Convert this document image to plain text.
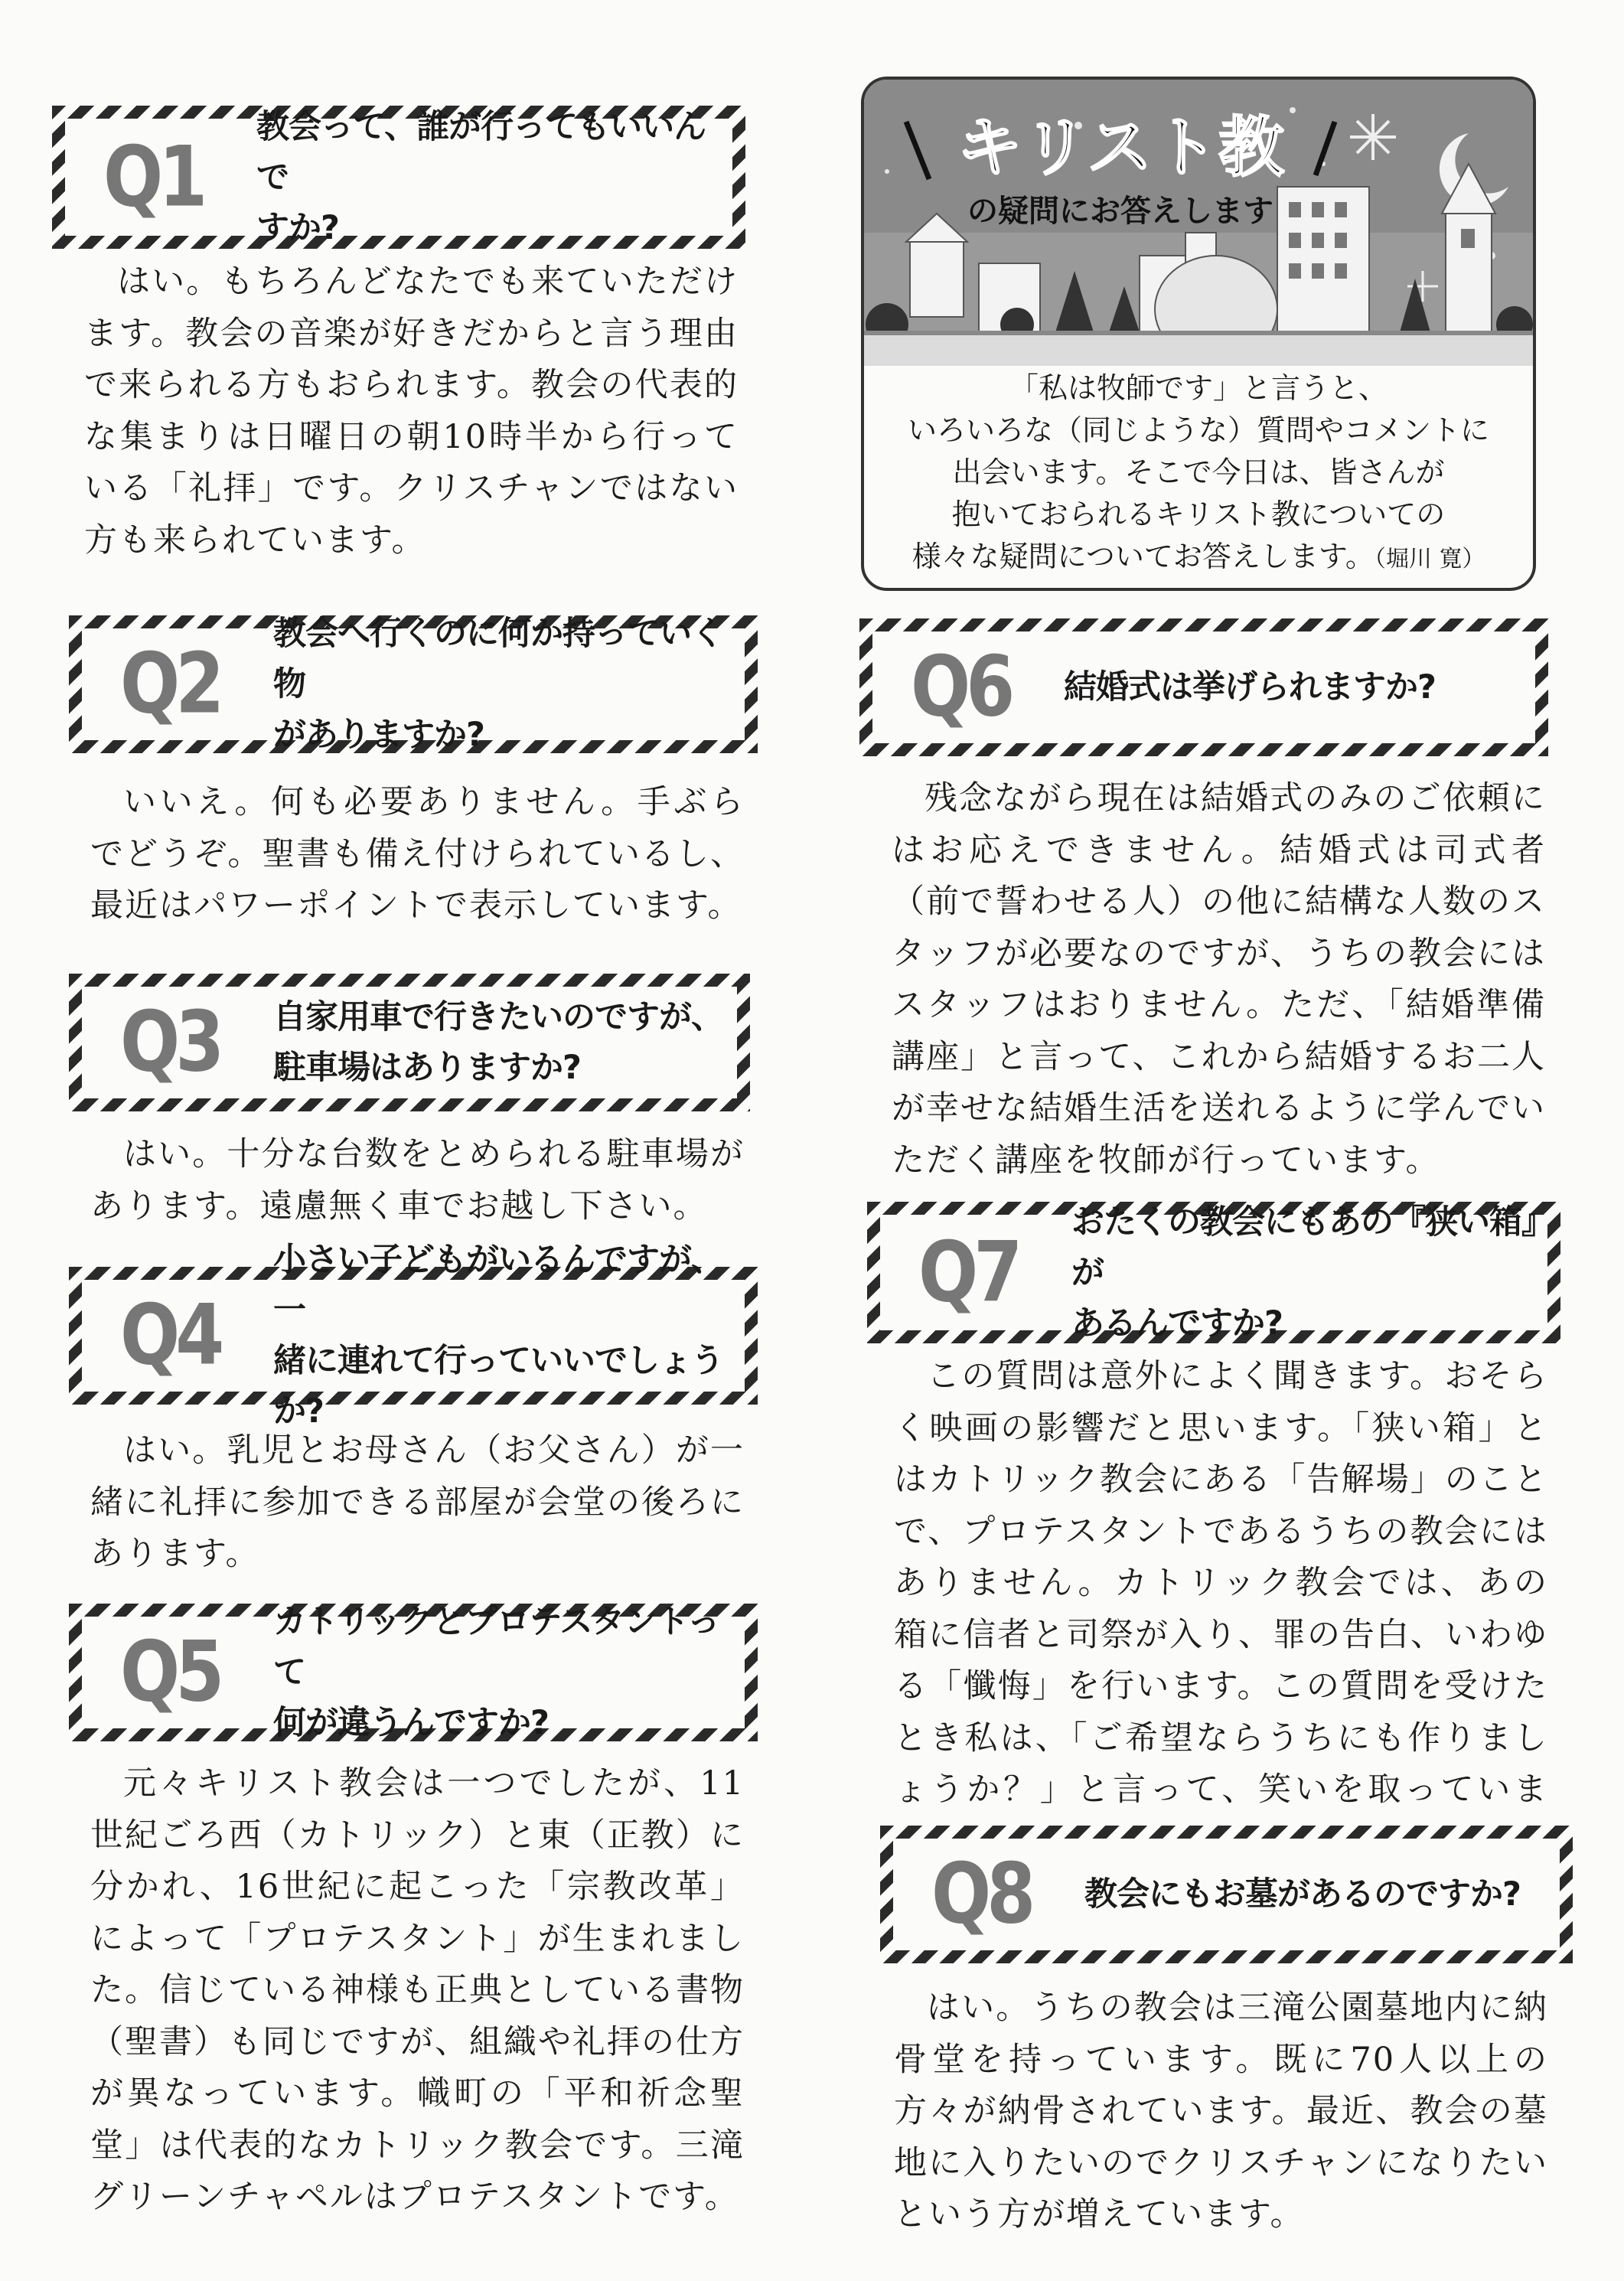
キリスト教
の疑問にお答えします
「私は牧師です」と言うと、
いろいろな（同じような）質問やコメントに
出会います。そこで今日は、皆さんが
抱いておられるキリスト教についての
様々な疑問についてお答えします。（堀川 寛）
Q1
教会って、誰が行ってもいいんで
すか?

はい。もちろんどなたでも来ていただけます。教会の音楽が好きだからと言う理由で来られる方もおられます。教会の代表的な集まりは日曜日の朝10時半から行っている「礼拝」です。クリスチャンではない方も来られています。

Q2
教会へ行くのに何か持っていく物
がありますか?

いいえ。何も必要ありません。手ぶらでどうぞ。聖書も備え付けられているし、最近はパワーポイントで表示しています。

Q3	自家用車で行きたいのですが、
駐車場はありますか?

はい。十分な台数をとめられる駐車場があります。遠慮無く車でお越し下さい。

Q4
小さい子どもがいるんですが、一
緒に連れて行っていいでしょうか?

はい。乳児とお母さん（お父さん）が一緒に礼拝に参加できる部屋が会堂の後ろにあります。

Q5
カトリックとプロテスタントって
何が違うんですか?

元々キリスト教会は一つでしたが、11世紀ごろ西（カトリック）と東（正教）に分かれ、16世紀に起こった「宗教改革」によって「プロテスタント」が生まれました。信じている神様も正典としている書物（聖書）も同じですが、組織や礼拝の仕方が異なっています。幟町の「平和祈念聖堂」は代表的なカトリック教会です。三滝グリーンチャペルはプロテスタントです。

Q6	結婚式は挙げられますか?

残念ながら現在は結婚式のみのご依頼にはお応えできません。結婚式は司式者（前で誓わせる人）の他に結構な人数のスタッフが必要なのですが、うちの教会にはスタッフはおりません。ただ、「結婚準備講座」と言って、これから結婚するお二人が幸せな結婚生活を送れるように学んでいただく講座を牧師が行っています。

Q7
おたくの教会にもあの『狭い箱』が
あるんですか?

この質問は意外によく聞きます。おそらく映画の影響だと思います。「狭い箱」とはカトリック教会にある「告解場」のことで、プロテスタントであるうちの教会にはありません。カトリック教会では、あの箱に信者と司祭が入り、罪の告白、いわゆる「懺悔」を行います。この質問を受けたとき私は、「ご希望ならうちにも作りましょうか？」と言って、笑いを取っていま

Q8	教会にもお墓があるのですか?

はい。うちの教会は三滝公園墓地内に納骨堂を持っています。既に70人以上の方々が納骨されています。最近、教会の墓地に入りたいのでクリスチャンになりたいという方が増えています。
